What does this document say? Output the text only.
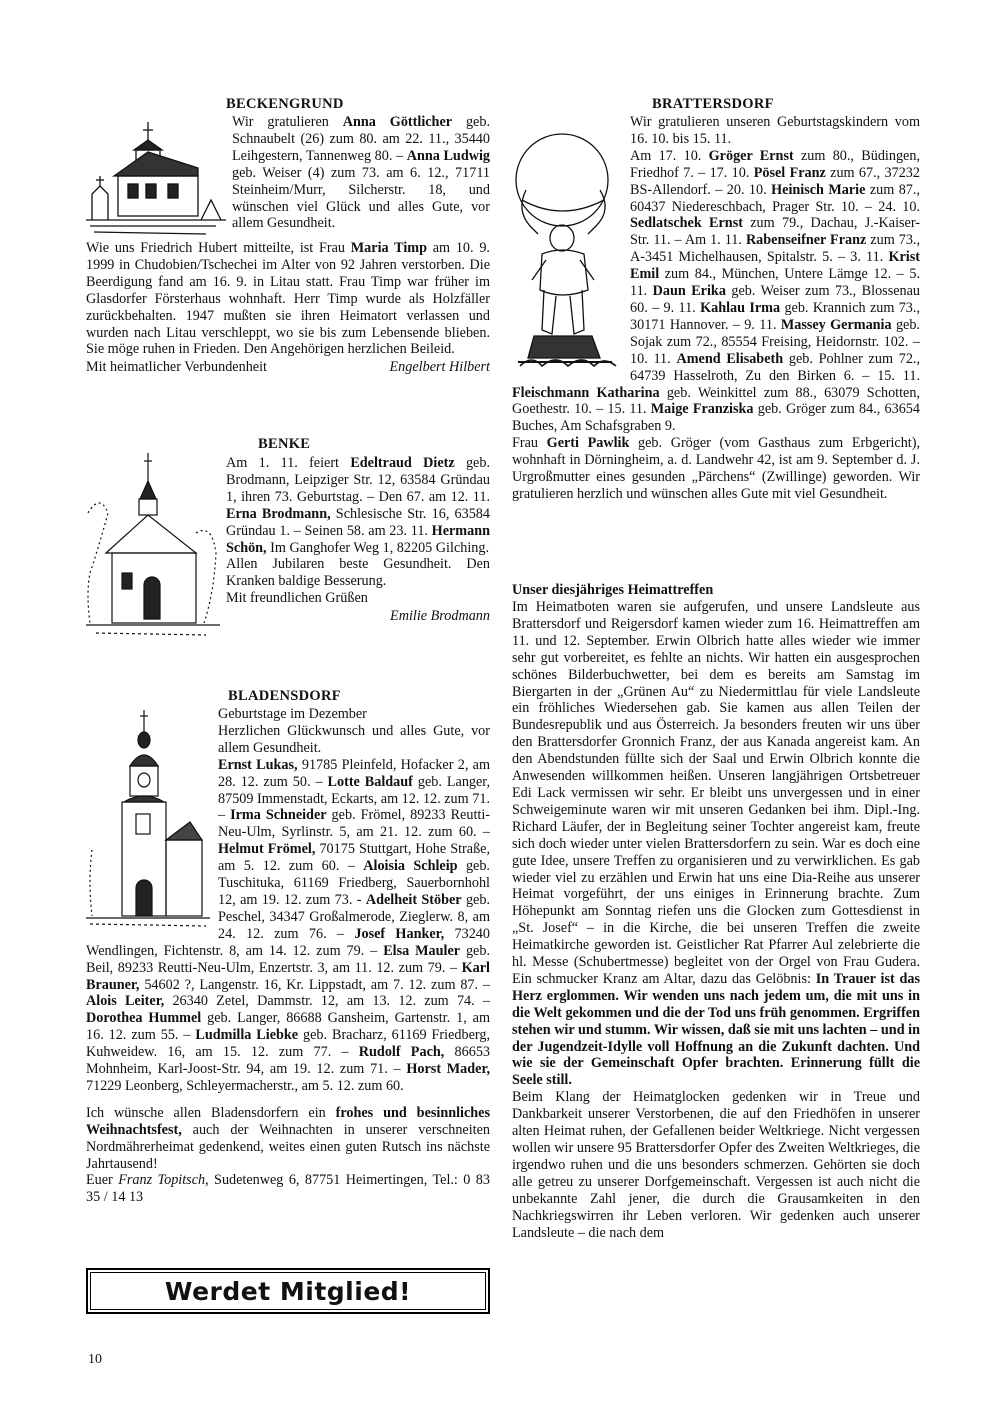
BECKENGRUND
Wir gratulieren Anna Göttlicher geb. Schnaubelt (26) zum 80. am 22. 11., 35440 Leihgestern, Tannenweg 80. – Anna Ludwig geb. Weiser (4) zum 73. am 6. 12., 71711 Steinheim/Murr, Silcherstr. 18, und wünschen viel Glück und alles Gute, vor allem Gesundheit.
Wie uns Friedrich Hubert mitteilte, ist Frau Maria Timp am 10. 9. 1999 in Chudobien/Tschechei im Alter von 92 Jahren verstorben. Die Beerdigung fand am 16. 9. in Litau statt. Frau Timp war früher im Glasdorfer Försterhaus wohnhaft. Herr Timp wurde als Holzfäller zurückbehalten. 1947 mußten sie ihren Heimatort verlassen und wurden nach Litau verschleppt, wo sie bis zum Lebensende blieben. Sie möge ruhen in Frieden. Den Angehörigen herzlichen Beileid.
Mit heimatlicher Verbundenheit	Engelbert Hilbert
BENKE
Am 1. 11. feiert Edeltraud Dietz geb. Brodmann, Leipziger Str. 12, 63584 Gründau 1, ihren 73. Geburtstag. – Den 67. am 12. 11. Erna Brodmann, Schlesische Str. 16, 63584 Gründau 1. – Seinen 58. am 23. 11. Hermann Schön, Im Ganghofer Weg 1, 82205 Gilching.
Allen Jubilaren beste Gesundheit. Den Kranken baldige Besserung.
Mit freundlichen Grüßen
Emilie Brodmann
BLADENSDORF
Geburtstage im Dezember
Herzlichen Glückwunsch und alles Gute, vor allem Gesundheit.
Ernst Lukas, 91785 Pleinfeld, Hofacker 2, am 28. 12. zum 50. – Lotte Baldauf geb. Langer, 87509 Immenstadt, Eckarts, am 12. 12. zum 71. – Irma Schneider geb. Frömel, 89233 Reutti-Neu-Ulm, Syrlinstr. 5, am 21. 12. zum 60. – Helmut Frömel, 70175 Stuttgart, Hohe Straße, am 5. 12. zum 60. – Aloisia Schleip geb. Tuschituka, 61169 Friedberg, Sauerbornhohl 12, am 19. 12. zum 73. - Adelheit Stöber geb. Peschel, 34347 Großalmerode, Zieglerw. 8, am 24. 12. zum 76. – Josef Hanker, 73240 Wendlingen, Fichtenstr. 8, am 14. 12. zum 79. – Elsa Mauler geb. Beil, 89233 Reutti-Neu-Ulm, Enzertstr. 3, am 11. 12. zum 79. – Karl Brauner, 54602 ?, Langenstr. 16, Kr. Lippstadt, am 7. 12. zum 87. – Alois Leiter, 26340 Zetel, Dammstr. 12, am 13. 12. zum 74. – Dorothea Hummel geb. Langer, 86688 Gansheim, Gartenstr. 1, am 16. 12. zum 55. – Ludmilla Liebke geb. Bracharz, 61169 Friedberg, Kuhweidew. 16, am 15. 12. zum 77. – Rudolf Pach, 86653 Mohnheim, Karl-Joost-Str. 94, am 19. 12. zum 71. – Horst Mader, 71229 Leonberg, Schleyermacherstr., am 5. 12. zum 60.
Ich wünsche allen Bladensdorfern ein frohes und besinnliches Weihnachtsfest, auch der Weihnachten in unserer verschneiten Nordmährerheimat gedenkend, weites einen guten Rutsch ins nächste Jahrtausend!
Euer Franz Topitsch, Sudetenweg 6, 87751 Heimertingen, Tel.: 0 83 35 / 14 13
Werdet Mitglied!
10
BRATTERSDORF
Wir gratulieren unseren Geburtstagskindern vom 16. 10. bis 15. 11.
Am 17. 10. Gröger Ernst zum 80., Büdingen, Friedhof 7. – 17. 10. Pösel Franz zum 67., 37232 BS-Allendorf. – 20. 10. Heinisch Marie zum 87., 60437 Niedereschbach, Prager Str. 10. – 24. 10. Sedlatschek Ernst zum 79., Dachau, J.-Kaiser-Str. 11. – Am 1. 11. Rabenseifner Franz zum 73., A-3451 Michelhausen, Spitalstr. 5. – 3. 11. Krist Emil zum 84., München, Untere Lämge 12. – 5. 11. Daun Erika geb. Weiser zum 73., Blossenau 60. – 9. 11. Kahlau Irma geb. Krannich zum 73., 30171 Hannover. – 9. 11. Massey Germania geb. Sojak zum 72., 85554 Freising, Heidornstr. 102. – 10. 11. Amend Elisabeth geb. Pohlner zum 72., 64739 Hasselroth, Zu den Birken 6. – 15. 11. Fleischmann Katharina geb. Weinkittel zum 88., 63079 Schotten, Goethestr. 10. – 15. 11. Maige Franziska geb. Gröger zum 84., 63654 Buches, Am Schafsgraben 9.
Frau Gerti Pawlik geb. Gröger (vom Gasthaus zum Erbgericht), wohnhaft in Dörningheim, a. d. Landwehr 42, ist am 9. September d. J. Urgroßmutter eines gesunden „Pärchens“ (Zwillinge) geworden. Wir gratulieren herzlich und wünschen alles Gute mit viel Gesundheit.
Unser diesjähriges Heimattreffen
Im Heimatboten waren sie aufgerufen, und unsere Landsleute aus Brattersdorf und Reigersdorf kamen wieder zum 16. Heimattreffen am 11. und 12. September. Erwin Olbrich hatte alles wieder wie immer sehr gut vorbereitet, es fehlte an nichts. Wir hatten ein ausgesprochen schönes Bilderbuchwetter, bei dem es bereits am Samstag im Biergarten in der „Grünen Au“ zu Niedermittlau für viele Landsleute ein fröhliches Wiedersehen gab. Sie kamen aus allen Teilen der Bundesrepublik und aus Österreich. Ja besonders freuten wir uns über den Brattersdorfer Gronnich Franz, der aus Kanada angereist kam. An den Abendstunden füllte sich der Saal und Erwin Olbrich konnte die Anwesenden willkommen heißen. Unseren langjährigen Ortsbetreuer Edi Lack vermissen wir sehr. Er bleibt uns unvergessen und in einer Schweigeminute waren wir mit unseren Gedanken bei ihm. Dipl.-Ing. Richard Läufer, der in Begleitung seiner Tochter angereist kam, freute sich doch wieder unter vielen Brattersdorfern zu sein. War es doch eine gute Idee, unsere Treffen zu organisieren und zu verwirklichen. Es gab wieder viel zu erzählen und Erwin hat uns eine Dia-Reihe aus unserer Heimat vorgeführt, der uns einiges in Erinnerung brachte. Zum Höhepunkt am Sonntag riefen uns die Glocken zum Gottesdienst in „St. Josef“ – in die Kirche, die bei unseren Treffen die zweite Heimatkirche geworden ist. Geistlicher Rat Pfarrer Aul zelebrierte die hl. Messe (Schubertmesse) begleitet von der Orgel von Frau Gudera. Ein schmucker Kranz am Altar, dazu das Gelöbnis: In Trauer ist das Herz erglommen. Wir wenden uns nach jedem um, die mit uns in die Welt gekommen und die der Tod uns früh genommen. Ergriffen stehen wir und stumm. Wir wissen, daß sie mit uns lachten – und in der Jugendzeit-Idylle voll Hoffnung an die Zukunft dachten. Und wie sie der Gemeinschaft Opfer brachten. Erinnerung füllt die Seele still.
Beim Klang der Heimatglocken gedenken wir in Treue und Dankbarkeit unserer Verstorbenen, die auf den Friedhöfen in unserer alten Heimat ruhen, der Gefallenen beider Weltkriege. Nicht vergessen wollen wir unsere 95 Brattersdorfer Opfer des Zweiten Weltkrieges, die irgendwo ruhen und die uns besonders schmerzen. Gehörten sie doch alle getreu zu unserer Dorfgemeinschaft. Vergessen ist auch nicht die unbekannte Zahl jener, die durch die Grausamkeiten in den Nachkriegswirren ihr Leben verloren. Wir gedenken auch unserer Landsleute – die nach dem
